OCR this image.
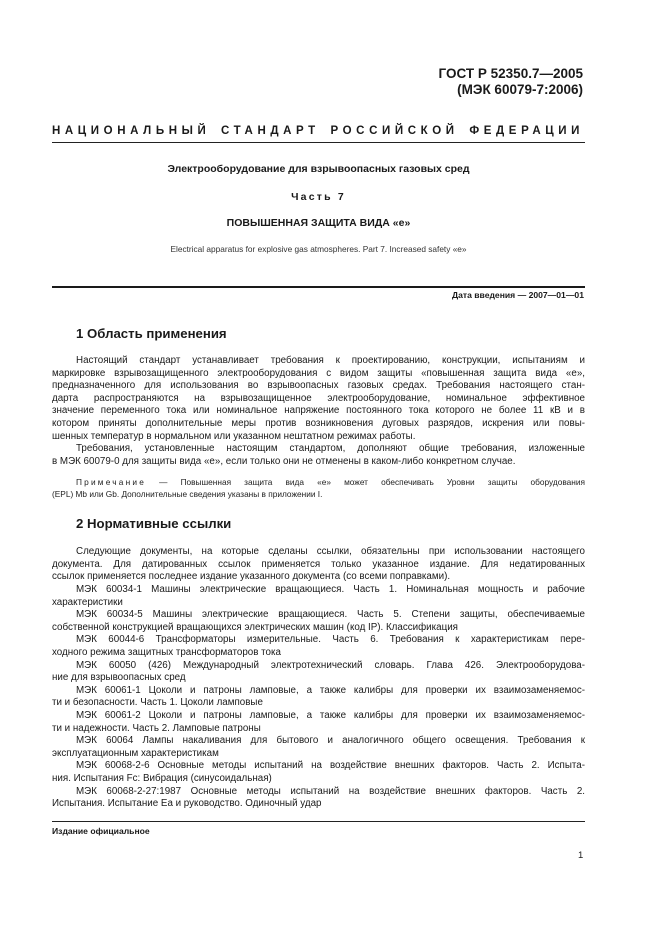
ГОСТ Р 52350.7—2005
(МЭК 60079-7:2006)
НАЦИОНАЛЬНЫЙ СТАНДАРТ РОССИЙСКОЙ ФЕДЕРАЦИИ
Электрооборудование для взрывоопасных газовых сред
Часть 7
ПОВЫШЕННАЯ ЗАЩИТА ВИДА «е»
Electrical apparatus for explosive gas atmospheres. Part 7. Increased safety «е»
Дата введения — 2007—01—01
1 Область применения
Настоящий стандарт устанавливает требования к проектированию, конструкции, испытаниям и
маркировке взрывозащищенного электрооборудования с видом защиты «повышенная защита вида «е»,
предназначенного для использования во взрывоопасных газовых средах. Требования настоящего стан-
дарта распространяются на взрывозащищенное электрооборудование, номинальное эффективное
значение переменного тока или номинальное напряжение постоянного тока которого не более 11 кВ и в
котором приняты дополнительные меры против возникновения дуговых разрядов, искрения или повы-
шенных температур в нормальном или указанном нештатном режимах работы.
Требования, установленные настоящим стандартом, дополняют общие требования, изложенные
в МЭК 60079-0 для защиты вида «е», если только они не отменены в каком-либо конкретном случае.
Примечание — Повышенная защита вида «е» может обеспечивать Уровни защиты оборудования
(EPL) Mb или Gb. Дополнительные сведения указаны в приложении I.
2 Нормативные ссылки
Следующие документы, на которые сделаны ссылки, обязательны при использовании настоящего
документа. Для датированных ссылок применяется только указанное издание. Для недатированных
ссылок применяется последнее издание указанного документа (со всеми поправками).
МЭК 60034-1 Машины электрические вращающиеся. Часть 1. Номинальная мощность и рабочие
характеристики
МЭК 60034-5 Машины электрические вращающиеся. Часть 5. Степени защиты, обеспечиваемые
собственной конструкцией вращающихся электрических машин (код IP). Классификация
МЭК 60044-6 Трансформаторы измерительные. Часть 6. Требования к характеристикам пере-
ходного режима защитных трансформаторов тока
МЭК 60050 (426) Международный электротехнический словарь. Глава 426. Электрооборудова-
ние для взрывоопасных сред
МЭК 60061-1 Цоколи и патроны ламповые, а также калибры для проверки их взаимозаменяемос-
ти и безопасности. Часть 1. Цоколи ламповые
МЭК 60061-2 Цоколи и патроны ламповые, а также калибры для проверки их взаимозаменяемос-
ти и надежности. Часть 2. Ламповые патроны
МЭК 60064 Лампы накаливания для бытового и аналогичного общего освещения. Требования к
эксплуатационным характеристикам
МЭК 60068-2-6 Основные методы испытаний на воздействие внешних факторов. Часть 2. Испыта-
ния. Испытания Fc: Вибрация (синусоидальная)
МЭК 60068-2-27:1987 Основные методы испытаний на воздействие внешних факторов. Часть 2.
Испытания. Испытание Ea и руководство. Одиночный удар
Издание официальное
1
